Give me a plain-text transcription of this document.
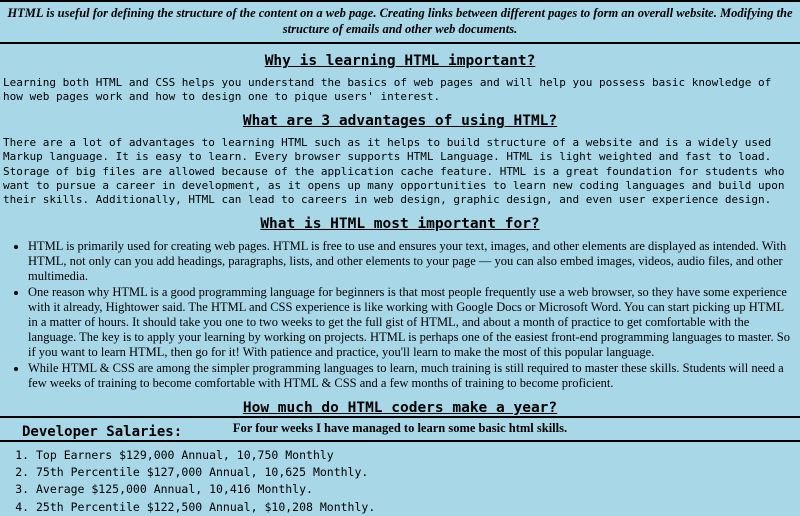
HTML is useful for defining the structure of the content on a web page. Creating links between different pages to form an overall website. Modifying the structure of emails and other web documents.
Why is learning HTML important?

Learning both HTML and CSS helps you understand the basics of web pages and will help you possess basic knowledge of how web pages work and how to design one to pique users' interest.

What are 3 advantages of using HTML?

There are a lot of advantages to learning HTML such as it helps to build structure of a website and is a widely used Markup language. It is easy to learn. Every browser supports HTML Language. HTML is light weighted and fast to load. Storage of big files are allowed because of the application cache feature. HTML is a great foundation for students who want to pursue a career in development, as it opens up many opportunities to learn new coding languages and build upon their skills. Additionally, HTML can lead to careers in web design, graphic design, and even user experience design.

What is HTML most important for?
• HTML is primarily used for creating web pages. HTML is free to use and ensures your text, images, and other elements are displayed as intended. With HTML, not only can you add headings, paragraphs, lists, and other elements to your page — you can also embed images, videos, audio files, and other multimedia.
• One reason why HTML is a good programming language for beginners is that most people frequently use a web browser, so they have some experience with it already, Hightower said. The HTML and CSS experience is like working with Google Docs or Microsoft Word. You can start picking up HTML in a matter of hours. It should take you one to two weeks to get the full gist of HTML, and about a month of practice to get comfortable with the language. The key is to apply your learning by working on projects. HTML is perhaps one of the easiest front-end programming languages to master. So if you want to learn HTML, then go for it! With patience and practice, you'll learn to make the most of this popular language.
• While HTML & CSS are among the simpler programming languages to learn, much training is still required to master these skills. Students will need a few weeks of training to become comfortable with HTML & CSS and a few months of training to become proficient.
How much do HTML coders make a year?
Developer Salaries:
1. Top Earners $129,000 Annual, 10,750 Monthly
2. 75th Percentile $127,000 Annual, 10,625 Monthly.
3. Average $125,000 Annual, 10,416 Monthly.
4. 25th Percentile $122,500 Annual, $10,208 Monthly.
For four weeks I have managed to learn some basic html skills.
